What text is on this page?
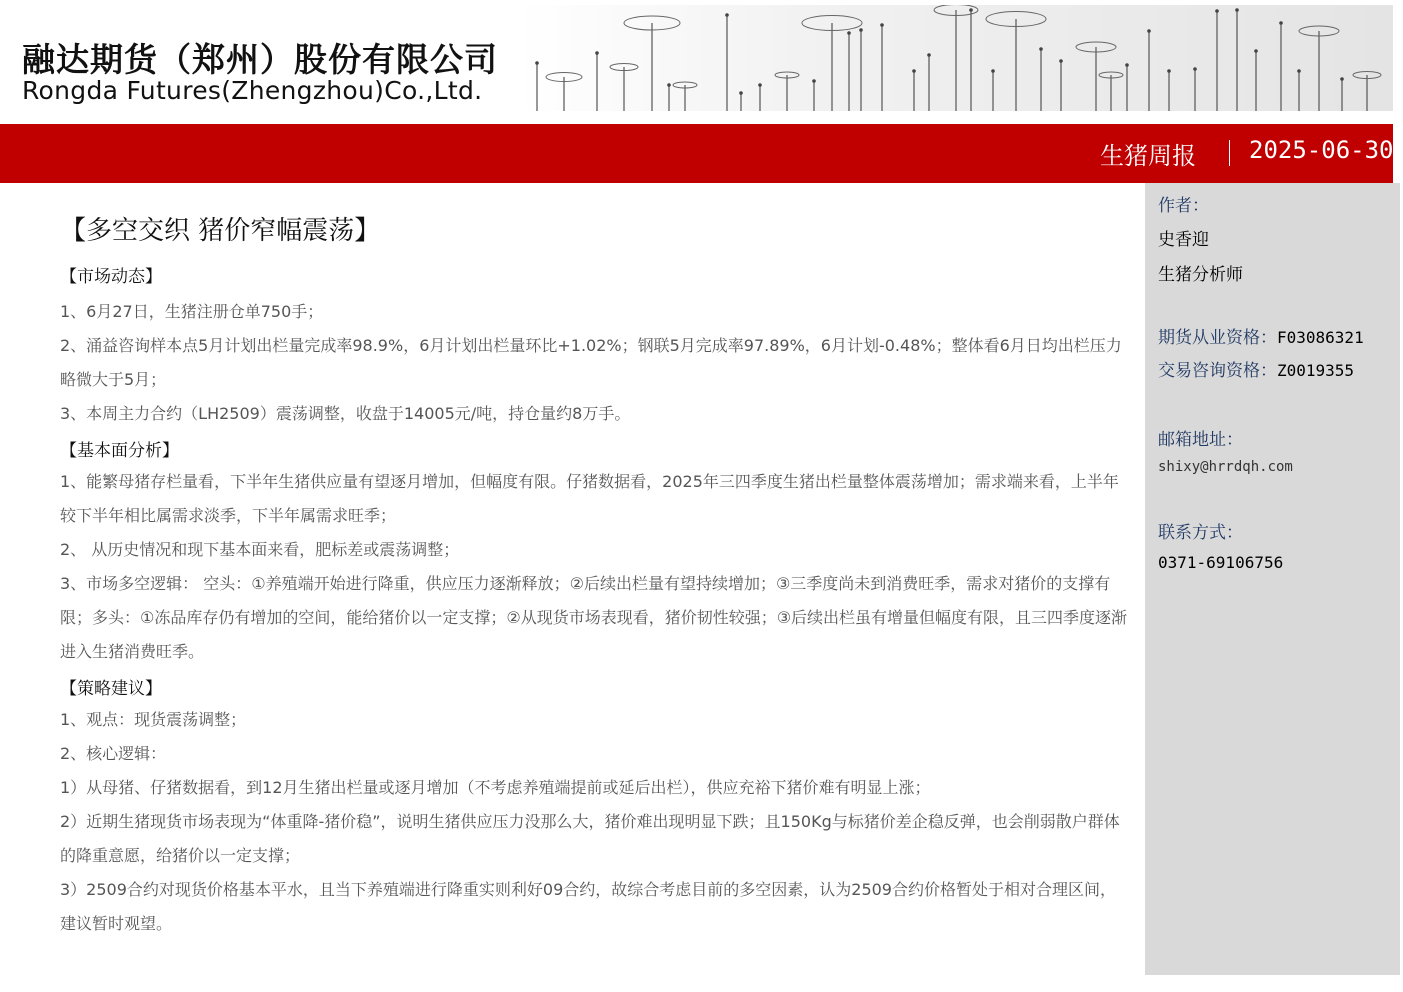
融达期货（郑州）股份有限公司
Rongda Futures(Zhengzhou)Co.,Ltd.
生猪周报 2025-06-30
【多空交织 猪价窄幅震荡】
【市场动态】
1、6月27日，生猪注册仓单750手；
2、涌益咨询样本点5月计划出栏量完成率98.9%，6月计划出栏量环比+1.02%；钢联5月完成率97.89%，6月计划-0.48%；整体看6月日均出栏压力略微大于5月；
3、本周主力合约（LH2509）震荡调整，收盘于14005元/吨，持仓量约8万手。
【基本面分析】
1、能繁母猪存栏量看，下半年生猪供应量有望逐月增加，但幅度有限。仔猪数据看，2025年三四季度生猪出栏量整体震荡增加；需求端来看，上半年较下半年相比属需求淡季，下半年属需求旺季；
2、 从历史情况和现下基本面来看，肥标差或震荡调整；
3、市场多空逻辑： 空头：①养殖端开始进行降重，供应压力逐渐释放；②后续出栏量有望持续增加；③三季度尚未到消费旺季，需求对猪价的支撑有限；多头：①冻品库存仍有增加的空间，能给猪价以一定支撑；②从现货市场表现看，猪价韧性较强；③后续出栏虽有增量但幅度有限，且三四季度逐渐进入生猪消费旺季。
【策略建议】
1、观点：现货震荡调整；
2、核心逻辑：
1）从母猪、仔猪数据看，到12月生猪出栏量或逐月增加（不考虑养殖端提前或延后出栏），供应充裕下猪价难有明显上涨；
2）近期生猪现货市场表现为“体重降-猪价稳”，说明生猪供应压力没那么大，猪价难出现明显下跌；且150Kg与标猪价差企稳反弹，也会削弱散户群体的降重意愿，给猪价以一定支撑；
3）2509合约对现货价格基本平水，且当下养殖端进行降重实则利好09合约，故综合考虑目前的多空因素，认为2509合约价格暂处于相对合理区间，建议暂时观望。
作者：
史香迎
生猪分析师
期货从业资格：F03086321
交易咨询资格：Z0019355
邮箱地址：
shixy@hrrdqh.com
联系方式：
0371-69106756
